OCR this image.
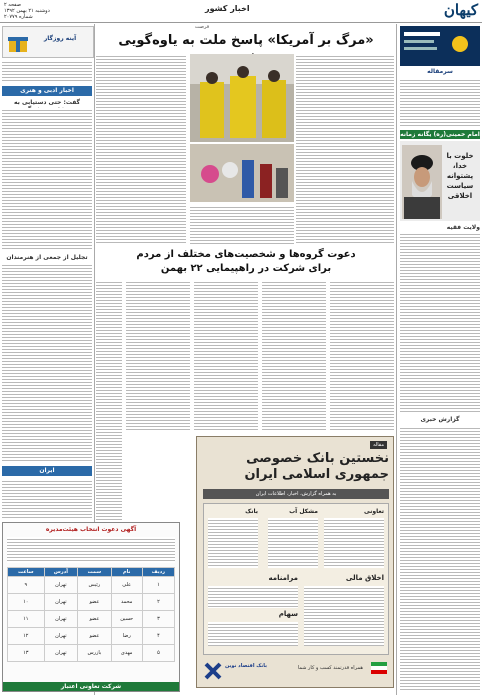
کیهان
اخبار کشور
صفحه ۲
دوشنبه ۲۱ بهمن ۱۳۹۲
شماره ۲۰۷۷۹
سرمقاله
امام خمینی(ره) یگانه زمانه
خلوت با خدا، پشتوانه سیاست اخلاقی
ولایت فقیه
گزارش خبری
فرصت
«مرگ بر آمریکا» پاسخ ملت به یاوه‌گویی
دعوت گروه‌ها و شخصیت‌های مختلف از مردم
برای شرکت در راهپیمایی ۲۲ بهمن
مقاله
نخستین بانک خصوصی
جمهوری اسلامی ایران
به همراه گزارش، اخبار، اطلاعات ایران
تعاونی
مشکل آب
بانک
اخلاق مالی
مرامنامه
سهام
بانک اقتصاد نوین	همراه قدرتمند کسب و کار شما
آینه روزگار
اخبار ادبی و هنری
گفت: حتی دستیابی به
تجلیل از جمعی از هنرمندان
ایران
آگهی دعوت انتخاب هیئت‌مدیره
ردیف	نام	سمت	آدرس	ساعت
۱	علی	رئیس	تهران	۹
۲	محمد	عضو	تهران	۱۰
۳	حسین	عضو	تهران	۱۱
۴	رضا	عضو	تهران	۱۲
۵	مهدی	بازرس	تهران	۱۳
شرکت تعاونی اعتبار
